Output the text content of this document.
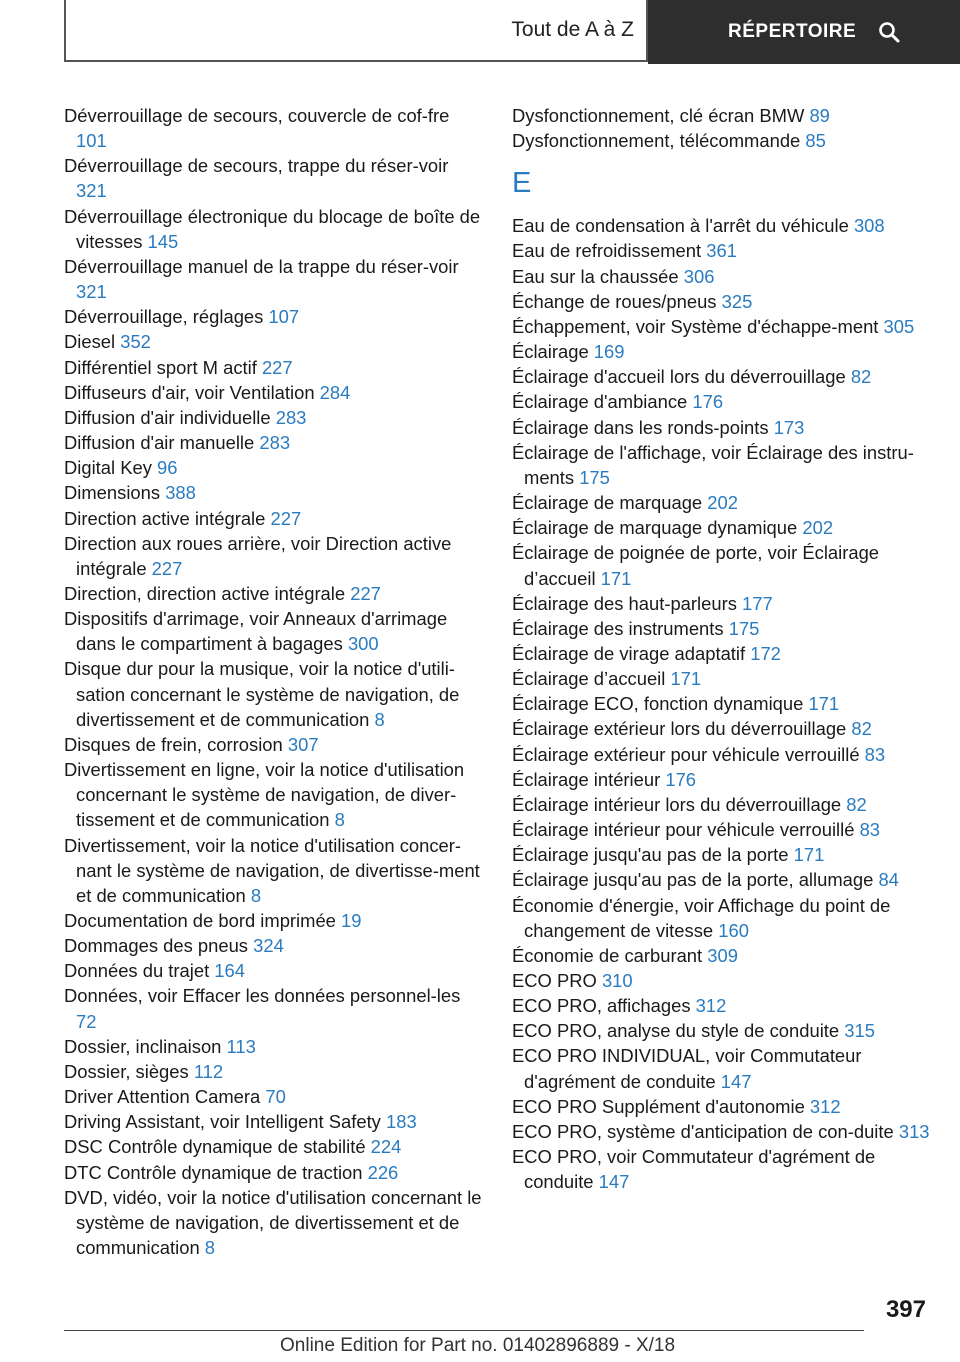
Tout de A à Z	RÉPERTOIRE
Déverrouillage de secours, couvercle de cof‐fre 101
Déverrouillage de secours, trappe du réser‐voir 321
Déverrouillage électronique du blocage de boîte de vitesses 145
Déverrouillage manuel de la trappe du réser‐voir 321
Déverrouillage, réglages 107
Diesel 352
Différentiel sport M actif 227
Diffuseurs d'air, voir Ventilation 284
Diffusion d'air individuelle 283
Diffusion d'air manuelle 283
Digital Key 96
Dimensions 388
Direction active intégrale 227
Direction aux roues arrière, voir Direction active intégrale 227
Direction, direction active intégrale 227
Dispositifs d'arrimage, voir Anneaux d'arrimage dans le compartiment à bagages 300
Disque dur pour la musique, voir la notice d'utili‐sation concernant le système de navigation, de divertissement et de communication 8
Disques de frein, corrosion 307
Divertissement en ligne, voir la notice d'utilisation concernant le système de navigation, de diver‐tissement et de communication 8
Divertissement, voir la notice d'utilisation concer‐nant le système de navigation, de divertisse‐ment et de communication 8
Documentation de bord imprimée 19
Dommages des pneus 324
Données du trajet 164
Données, voir Effacer les données personnel‐les 72
Dossier, inclinaison 113
Dossier, sièges 112
Driver Attention Camera 70
Driving Assistant, voir Intelligent Safety 183
DSC Contrôle dynamique de stabilité 224
DTC Contrôle dynamique de traction 226
DVD, vidéo, voir la notice d'utilisation concernant le système de navigation, de divertissement et de communication 8
Dysfonctionnement, clé écran BMW 89
Dysfonctionnement, télécommande 85
E
Eau de condensation à l'arrêt du véhicule 308
Eau de refroidissement 361
Eau sur la chaussée 306
Échange de roues/pneus 325
Échappement, voir Système d'échappe‐ment 305
Éclairage 169
Éclairage d'accueil lors du déverrouillage 82
Éclairage d'ambiance 176
Éclairage dans les ronds-points 173
Éclairage de l'affichage, voir Éclairage des instru‐ments 175
Éclairage de marquage 202
Éclairage de marquage dynamique 202
Éclairage de poignée de porte, voir Éclairage d’accueil 171
Éclairage des haut-parleurs 177
Éclairage des instruments 175
Éclairage de virage adaptatif 172
Éclairage d’accueil 171
Éclairage ECO, fonction dynamique 171
Éclairage extérieur lors du déverrouillage 82
Éclairage extérieur pour véhicule verrouillé 83
Éclairage intérieur 176
Éclairage intérieur lors du déverrouillage 82
Éclairage intérieur pour véhicule verrouillé 83
Éclairage jusqu'au pas de la porte 171
Éclairage jusqu'au pas de la porte, allumage 84
Économie d'énergie, voir Affichage du point de changement de vitesse 160
Économie de carburant 309
ECO PRO 310
ECO PRO, affichages 312
ECO PRO, analyse du style de conduite 315
ECO PRO INDIVIDUAL, voir Commutateur d'agrément de conduite 147
ECO PRO Supplément d'autonomie 312
ECO PRO, système d'anticipation de con‐duite 313
ECO PRO, voir Commutateur d'agrément de conduite 147
397
Online Edition for Part no. 01402896889 - X/18
